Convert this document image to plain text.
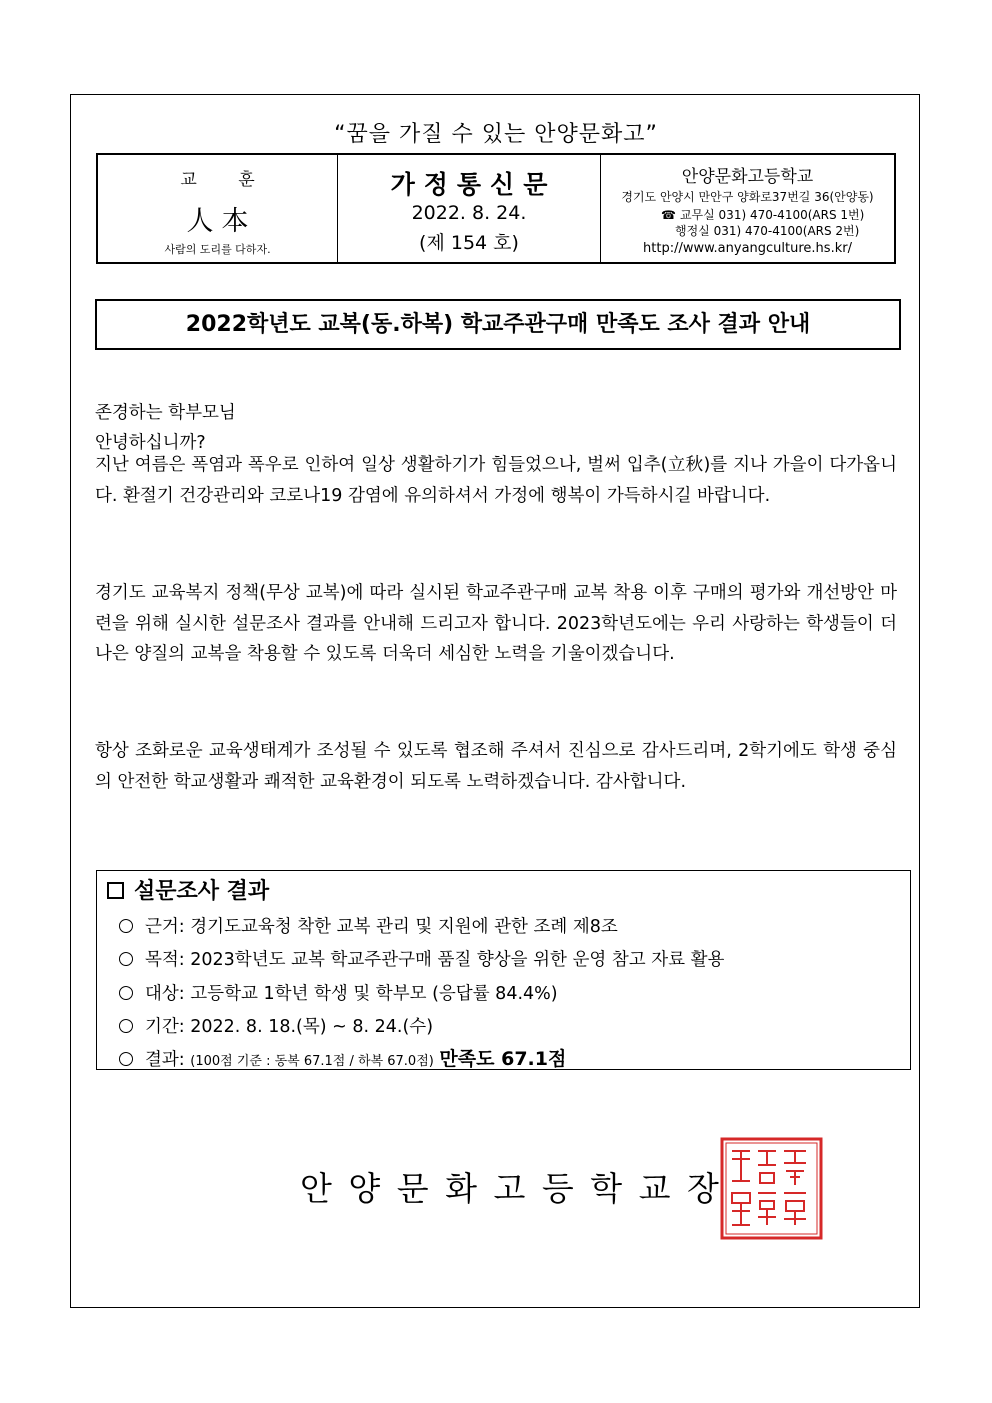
“꿈을 가질 수 있는 안양문화고”
교 훈
人本
사람의 도리를 다하자.
가정통신문
2022. 8. 24.
(제 154 호)
안양문화고등학교
경기도 안양시 만안구 양화로37번길 36(안양동)
☎ 교무실 031) 470-4100(ARS 1번)
행정실 031) 470-4100(ARS 2번)
http://www.anyangculture.hs.kr/
2022학년도 교복(동.하복) 학교주관구매 만족도 조사 결과 안내
존경하는 학부모님
안녕하십니까?
지난 여름은 폭염과 폭우로 인하여 일상 생활하기가 힘들었으나, 벌써 입추(立秋)를 지나 가을이 다가옵니다. 환절기 건강관리와 코로나19 감염에 유의하셔서 가정에 행복이 가득하시길 바랍니다.
경기도 교육복지 정책(무상 교복)에 따라 실시된 학교주관구매 교복 착용 이후 구매의 평가와 개선방안 마련을 위해 실시한 설문조사 결과를 안내해 드리고자 합니다. 2023학년도에는 우리 사랑하는 학생들이 더 나은 양질의 교복을 착용할 수 있도록 더욱더 세심한 노력을 기울이겠습니다.
항상 조화로운 교육생태계가 조성될 수 있도록 협조해 주셔서 진심으로 감사드리며, 2학기에도 학생 중심의 안전한 학교생활과 쾌적한 교육환경이 되도록 노력하겠습니다. 감사합니다.
설문조사 결과
근거: 경기도교육청 착한 교복 관리 및 지원에 관한 조례 제8조
목적: 2023학년도 교복 학교주관구매 품질 향상을 위한 운영 참고 자료 활용
대상: 고등학교 1학년 학생 및 학부모 (응답률 84.4%)
기간: 2022. 8. 18.(목) ~ 8. 24.(수)
결과: (100점 기준 : 동복 67.1점 / 하복 67.0점) 만족도 67.1점
안양문화고등학교장
